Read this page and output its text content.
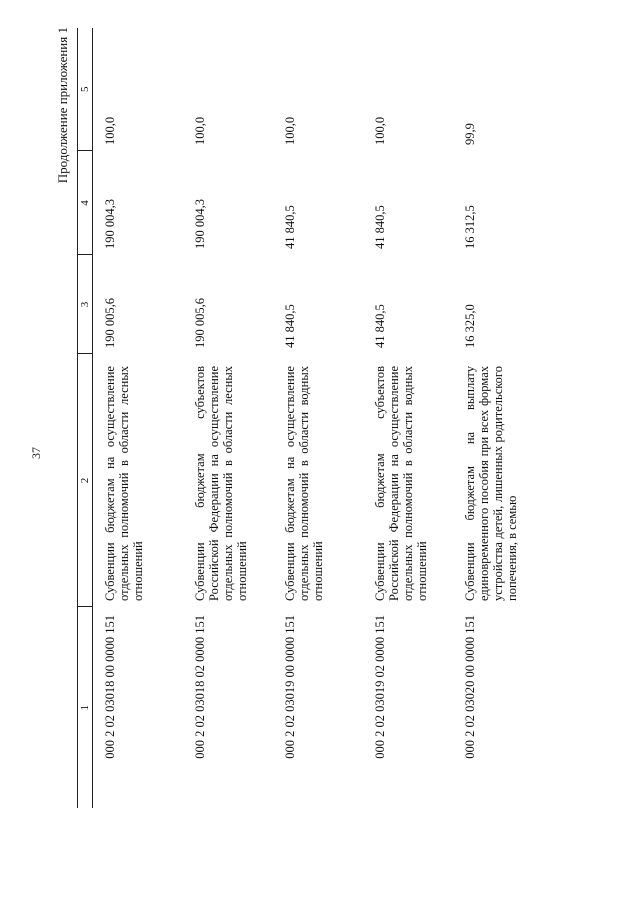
37
Продолжение приложения 1
1	2	3	4	5
000 2 02 03018 00 0000 151	Субвенции бюджетам на осуществление отдельных полномочий в области лесных отношений	190 005,6	190 004,3	100,0
000 2 02 03018 02 0000 151	Субвенции бюджетам субъектов Российской Федерации на осуществление отдельных полномочий в области лесных отношений	190 005,6	190 004,3	100,0
000 2 02 03019 00 0000 151	Субвенции бюджетам на осуществление отдельных полномочий в области водных отношений	41 840,5	41 840,5	100,0
000 2 02 03019 02 0000 151	Субвенции бюджетам субъектов Российской Федерации на осуществление отдельных полномочий в области водных отношений	41 840,5	41 840,5	100,0
000 2 02 03020 00 0000 151	Субвенции бюджетам на выплату единовременного пособия при всех формах устройства детей, лишенных родительского попечения, в семью	16 325,0	16 312,5	99,9
